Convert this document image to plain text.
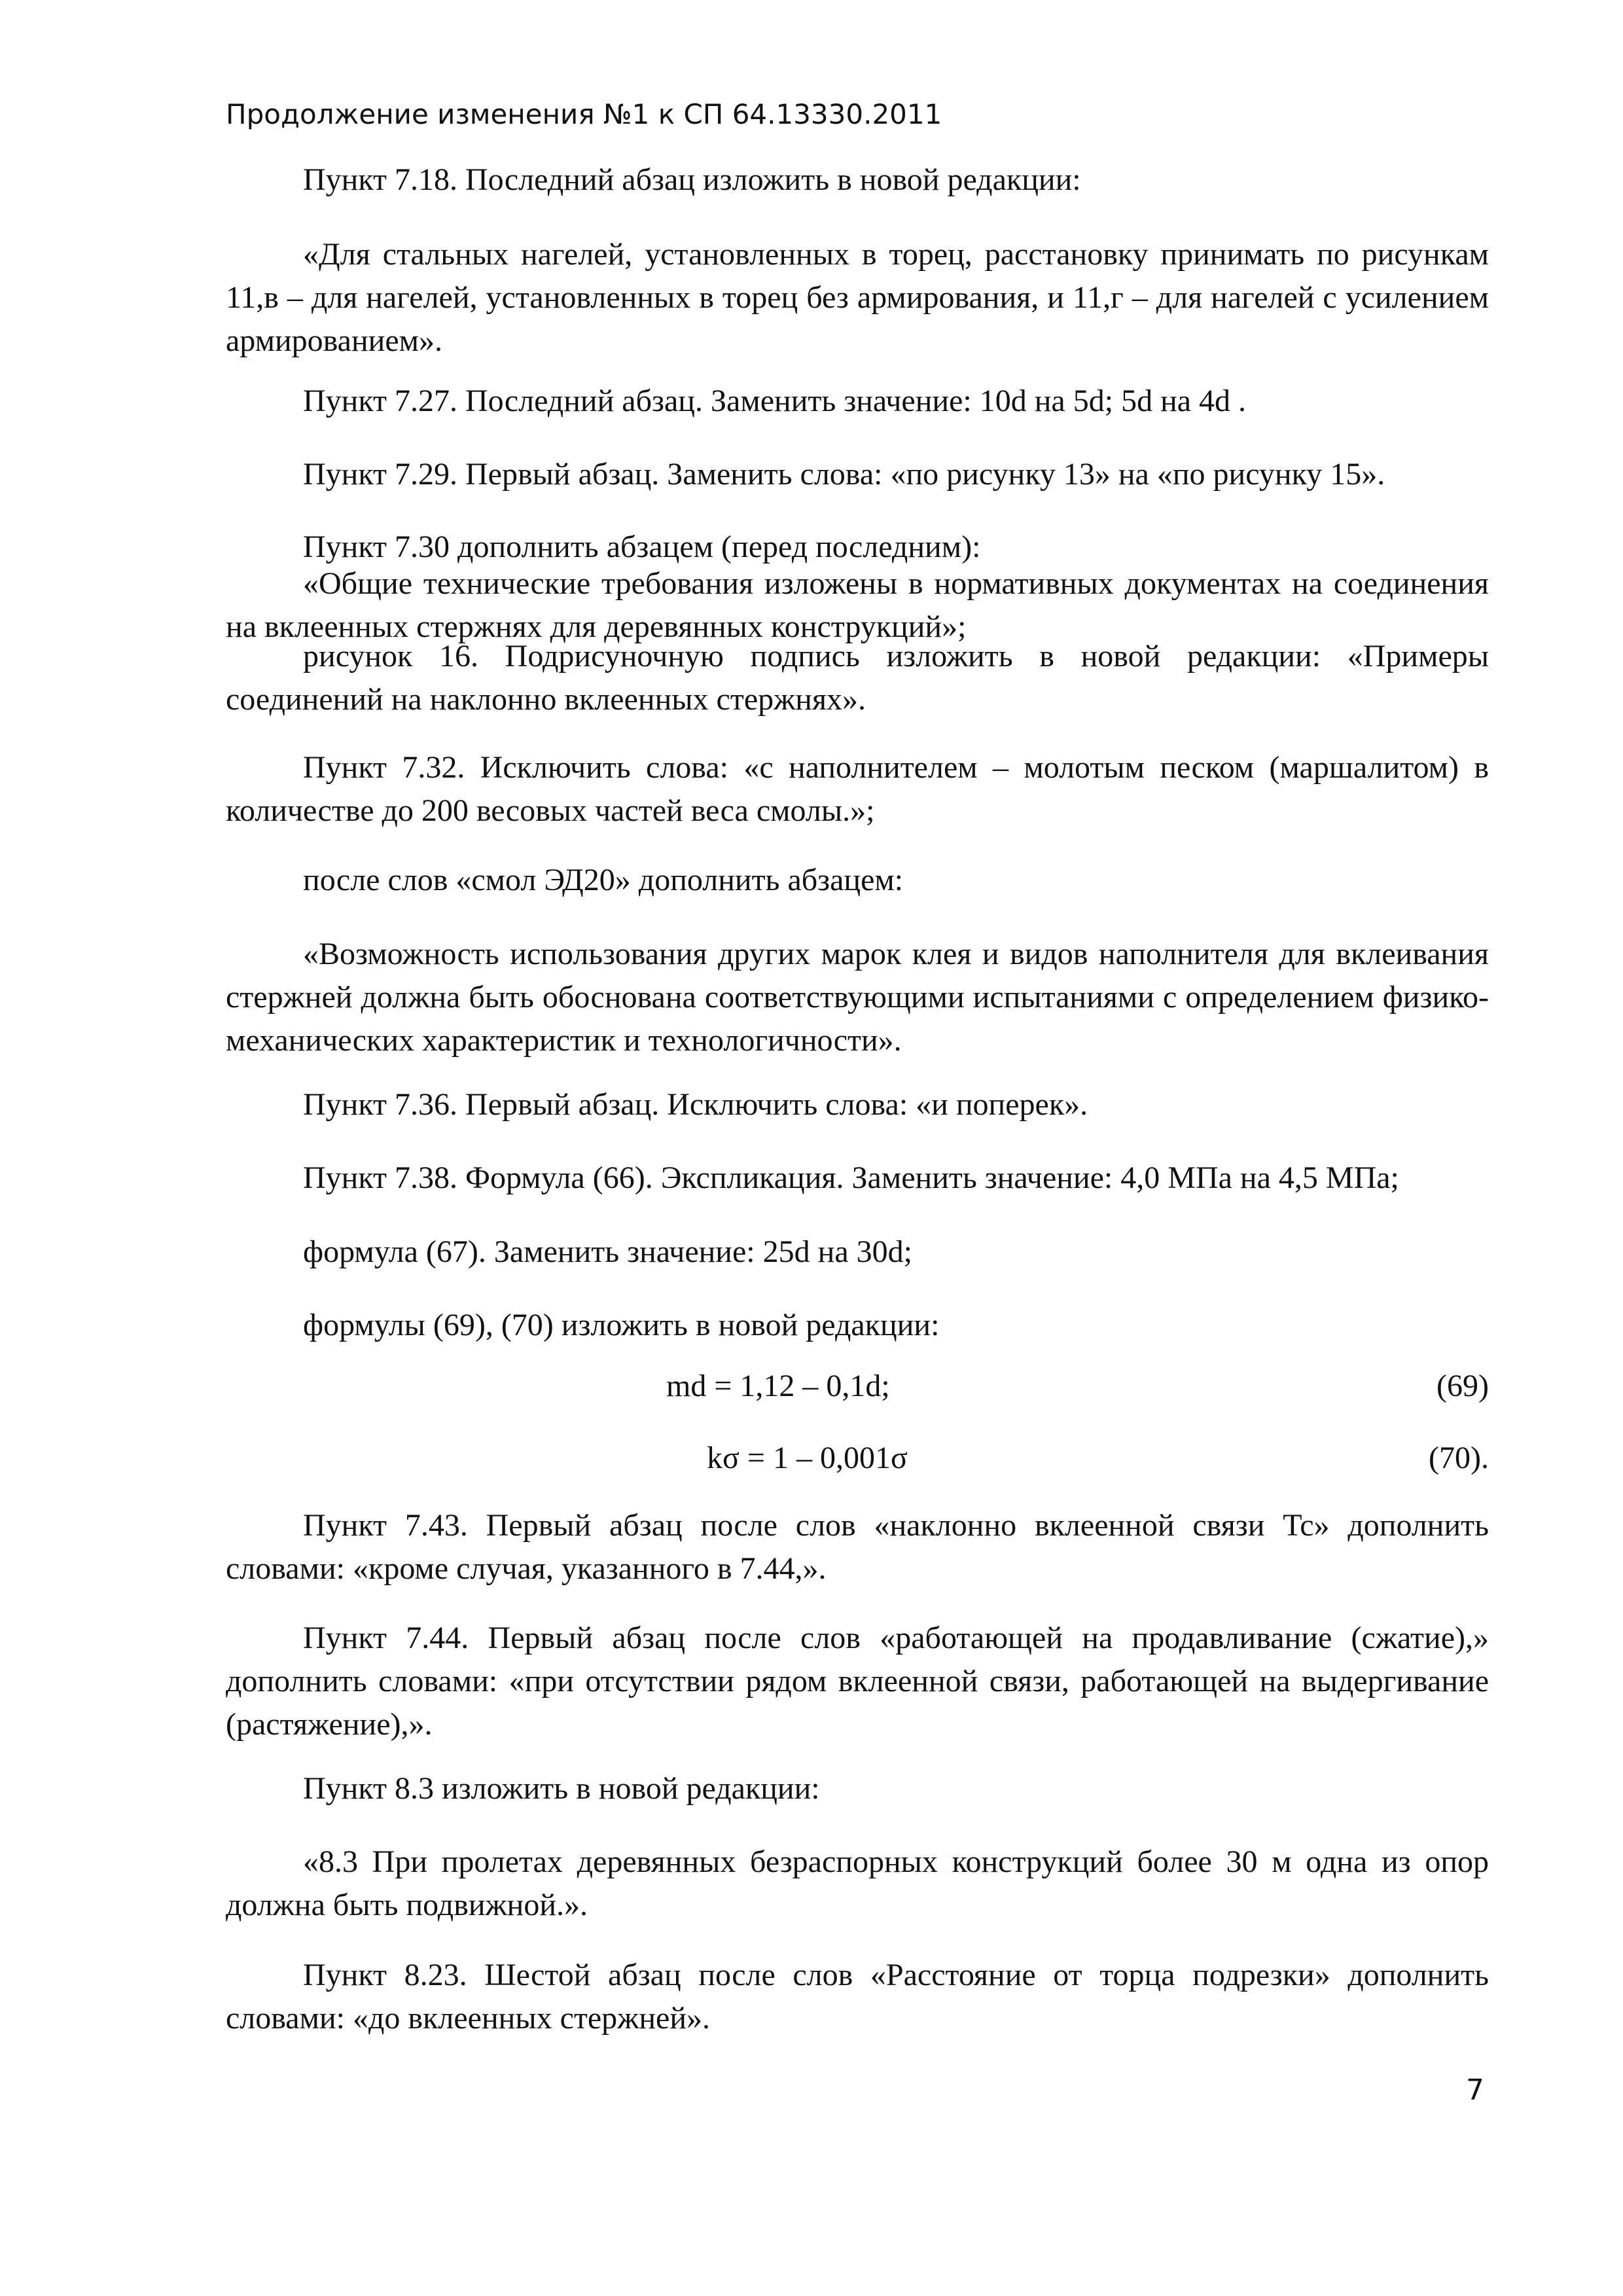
Продолжение изменения №1 к СП 64.13330.2011

Пункт 7.18. Последний абзац изложить в новой редакции:

«Для стальных нагелей, установленных в торец, расстановку принимать по рисункам 11,в – для нагелей, установленных в торец без армирования, и 11,г – для нагелей с усилением армированием».

Пункт 7.27. Последний абзац. Заменить значение: 10d на 5d; 5d на 4d .

Пункт 7.29. Первый абзац. Заменить слова: «по рисунку 13» на «по рисунку 15».

Пункт 7.30 дополнить абзацем (перед последним):

«Общие технические требования изложены в нормативных документах на соединения на вклеенных стержнях для деревянных конструкций»;

рисунок 16. Подрисуночную подпись изложить в новой редакции: «Примеры соединений на наклонно вклеенных стержнях».

Пункт 7.32. Исключить слова: «с наполнителем – молотым песком (маршалитом) в количестве до 200 весовых частей веса смолы.»;

после слов «смол ЭД20» дополнить абзацем:

«Возможность использования других марок клея и видов наполнителя для вклеивания стержней должна быть обоснована соответствующими испытаниями с определением физико-механических характеристик и технологичности».

Пункт 7.36. Первый абзац. Исключить слова: «и поперек».

Пункт 7.38. Формула (66). Экспликация. Заменить значение: 4,0 МПа на 4,5 МПа;

формула (67). Заменить значение: 25d на 30d;

формулы (69), (70) изложить в новой редакции:

md = 1,12 – 0,1d;	(69)
kσ = 1 – 0,001σ	(70).

Пункт 7.43. Первый абзац после слов «наклонно вклеенной связи Tc» дополнить словами: «кроме случая, указанного в 7.44,».

Пункт 7.44. Первый абзац после слов «работающей на продавливание (сжатие),» дополнить словами: «при отсутствии рядом вклеенной связи, работающей на выдергивание (растяжение),».

Пункт 8.3 изложить в новой редакции:

«8.3 При пролетах деревянных безраспорных конструкций более 30 м одна из опор должна быть подвижной.».

Пункт 8.23. Шестой абзац после слов «Расстояние от торца подрезки» дополнить словами: «до вклеенных стержней».

7
